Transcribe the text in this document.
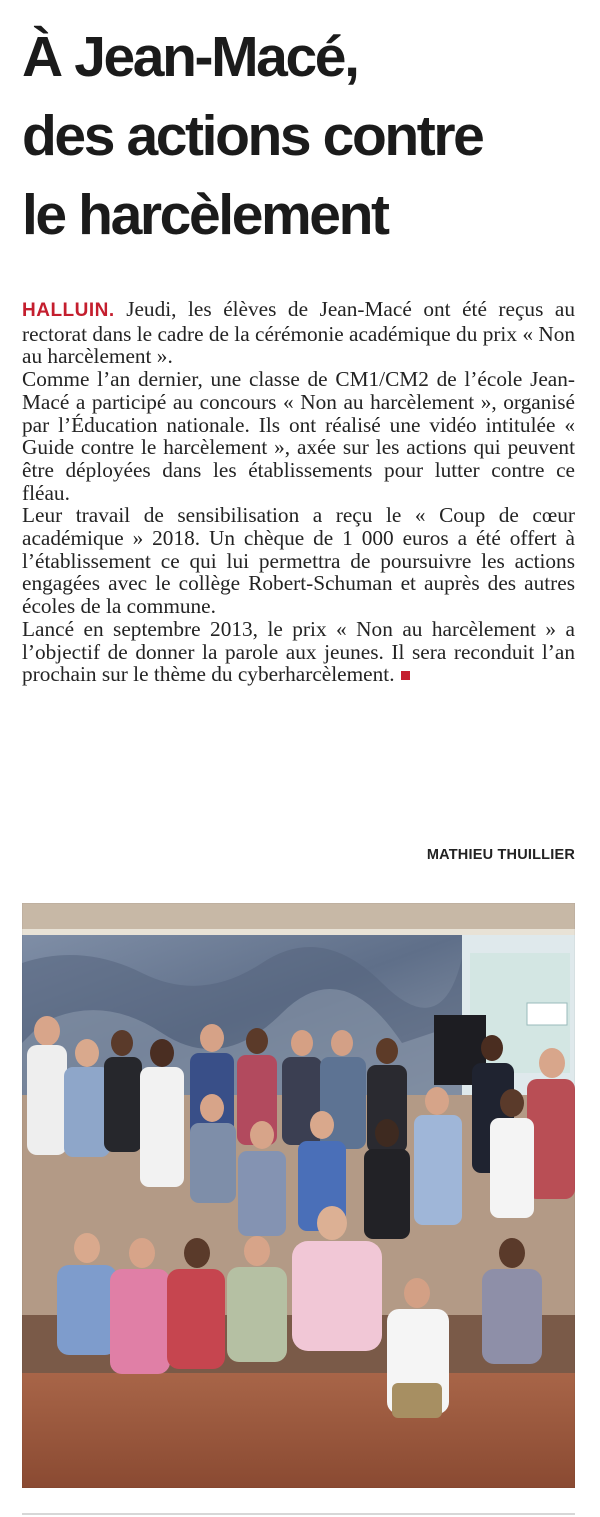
À Jean-Macé,
des actions contre
le harcèlement

HALLUIN. Jeudi, les élèves de Jean-Macé ont été reçus au rectorat dans le cadre de la cérémonie académique du prix « Non au harcèlement ».

Comme l’an dernier, une classe de CM1/CM2 de l’école Jean-Macé a participé au concours « Non au harcèlement », organisé par l’Éducation nationale. Ils ont réalisé une vidéo intitulée « Guide contre le harcèlement », axée sur les actions qui peuvent être déployées dans les établissements pour lutter contre ce fléau.

Leur travail de sensibilisation a reçu le « Coup de cœur académique » 2018. Un chèque de 1 000 euros a été offert à l’établissement ce qui lui permettra de poursuivre les actions engagées avec le collège Robert-Schuman et auprès des autres écoles de la commune.

Lancé en septembre 2013, le prix « Non au harcèlement » a l’objectif de donner la parole aux jeunes. Il sera reconduit l’an prochain sur le thème du cyberharcèlement.

MATHIEU THUILLIER
